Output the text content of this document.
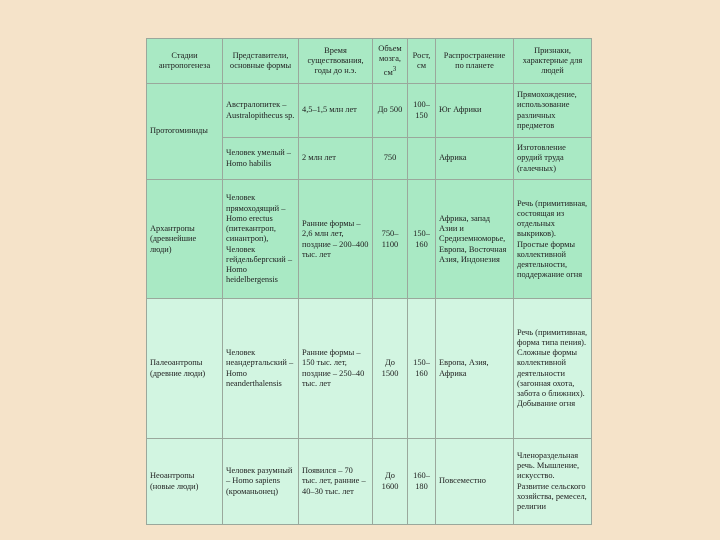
Стадии антропогенеза	Представители, основные формы	Время существования, годы до н.э.	Объем мозга, $см^3$	Рост, см	Распространение по планете	Признаки, характерные для людей
Протогоминиды	Австралопитек – Australopithecus sp.	4,5–1,5 млн лет	До 500	100–150	Юг Африки	Прямохождение, использование различных предметов
	Человек умелый – Homo habilis	2 млн лет	750		Африка	Изготовление орудий труда (галечных)
Архантропы (древнейшие люди)	Человек прямоходящий – Homo erectus (питекантроп, синантроп), Человек гейдельбергский – Homo heidelbergensis	Ранние формы – 2,6 млн лет, поздние – 200–400 тыс. лет	750–1100	150–160	Африка, запад Азии и Средиземноморье, Европа, Восточная Азия, Индонезия	Речь (примитивная, состоящая из отдельных выкриков). Простые формы коллективной деятельности, поддержание огня
Палеоантропы (древние люди)	Человек неандертальский – Homo neanderthalensis	Ранние формы – 150 тыс. лет, поздние – 250–40 тыс. лет	До 1500	150–160	Европа, Азия, Африка	Речь (примитивная, форма типа пения). Сложные формы коллективной деятельности (загонная охота, забота о ближних). Добывание огня
Неоантропы (новые люди)	Человек разумный – Homo sapiens (кроманьонец)	Появился – 70 тыс. лет, ранние – 40–30 тыс. лет	До 1600	160–180	Повсеместно	Членораздельная речь. Мышление, искусство. Развитие сельского хозяйства, ремесел, религии
